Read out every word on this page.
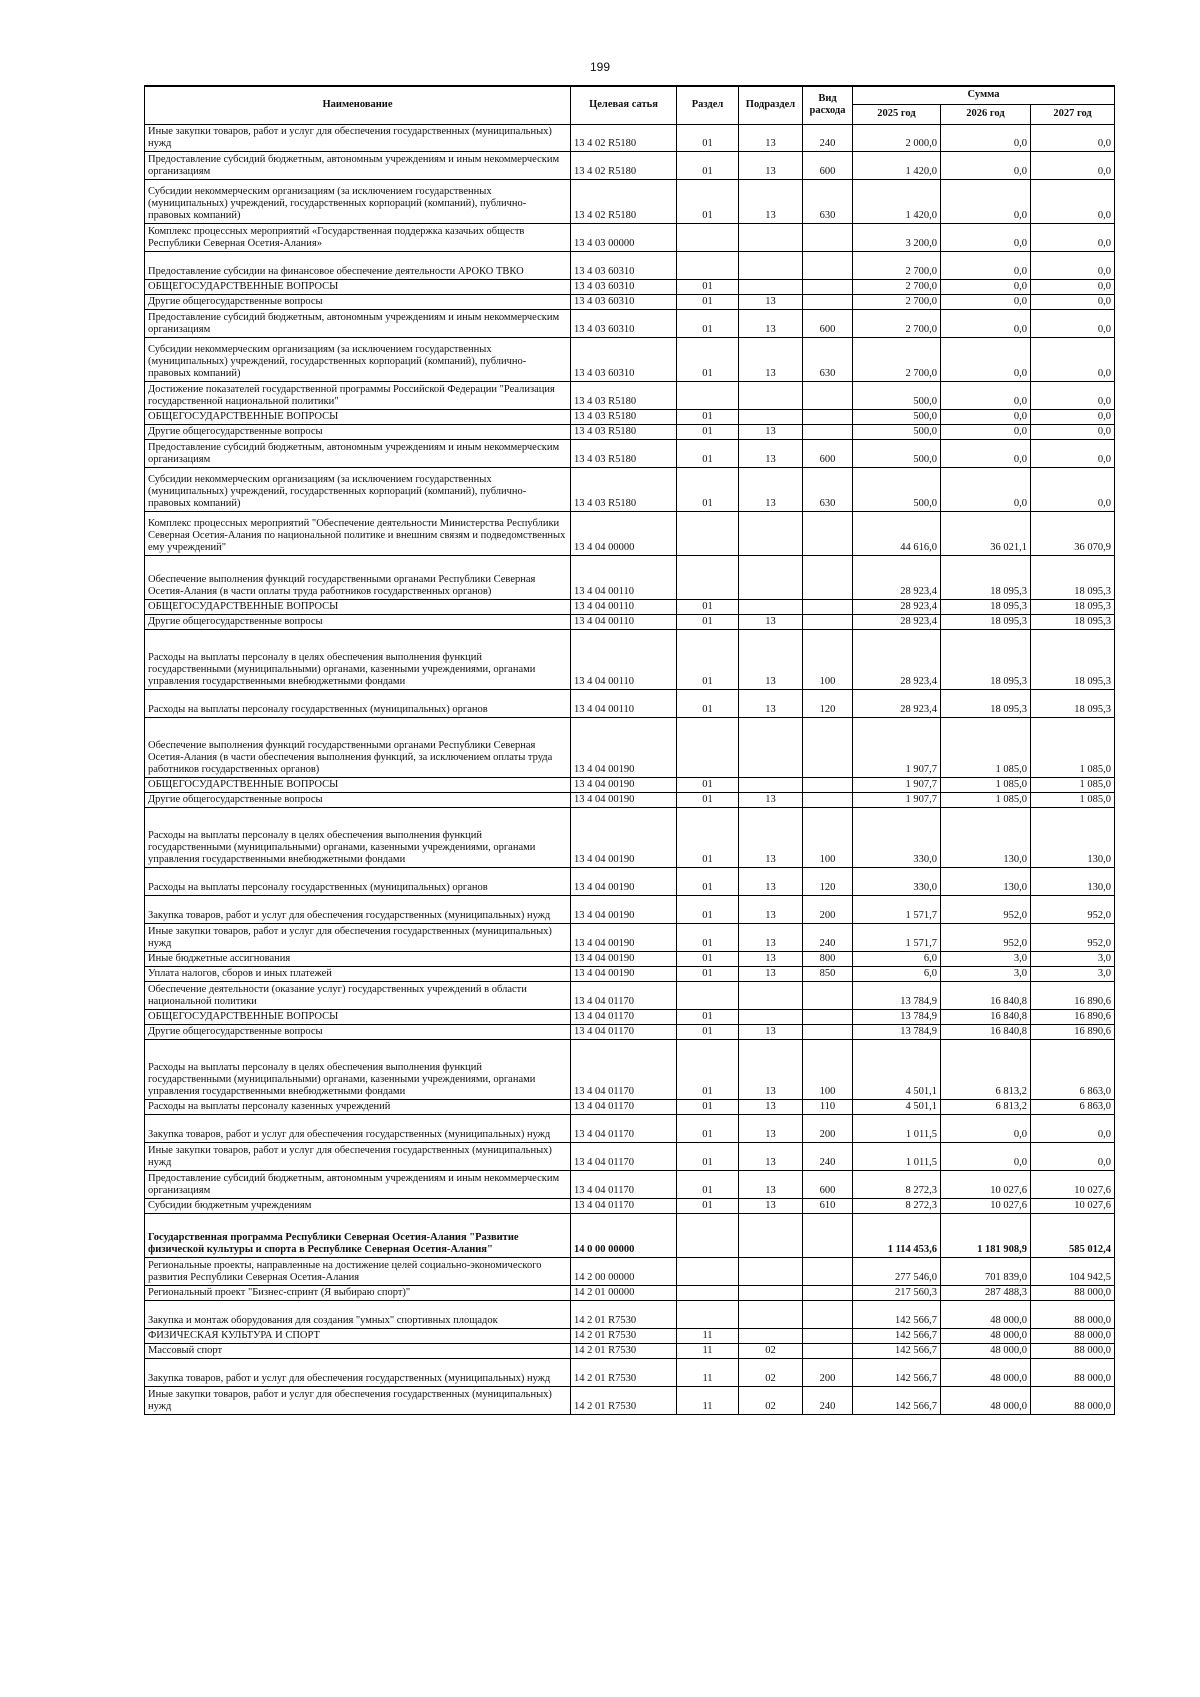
199
Наименование	Целевая сатья	Раздел	Подраздел	Вид расхода	Сумма		
					2025 год	2026 год	2027 год
Иные закупки товаров, работ и услуг для обеспечения государственных (муниципальных) нужд	13 4 02 R5180	01	13	240	2 000,0	0,0	0,0
Предоставление субсидий бюджетным, автономным учреждениям и иным некоммерческим организациям	13 4 02 R5180	01	13	600	1 420,0	0,0	0,0
Субсидии некоммерческим организациям (за исключением государственных (муниципальных) учреждений, государственных корпораций (компаний), публично-правовых компаний)	13 4 02 R5180	01	13	630	1 420,0	0,0	0,0
Комплекс процессных мероприятий «Государственная поддержка казачьих обществ Республики Северная Осетия-Алания»	13 4 03 00000				3 200,0	0,0	0,0
Предоставление субсидии на финансовое обеспечение деятельности АРОКО ТВКО	13 4 03 60310				2 700,0	0,0	0,0
ОБЩЕГОСУДАРСТВЕННЫЕ ВОПРОСЫ	13 4 03 60310	01			2 700,0	0,0	0,0
Другие общегосударственные вопросы	13 4 03 60310	01	13		2 700,0	0,0	0,0
Предоставление субсидий бюджетным, автономным учреждениям и иным некоммерческим организациям	13 4 03 60310	01	13	600	2 700,0	0,0	0,0
Субсидии некоммерческим организациям (за исключением государственных (муниципальных) учреждений, государственных корпораций (компаний), публично-правовых компаний)	13 4 03 60310	01	13	630	2 700,0	0,0	0,0
Достижение показателей государственной программы Российской Федерации "Реализация государственной национальной политики"	13 4 03 R5180				500,0	0,0	0,0
ОБЩЕГОСУДАРСТВЕННЫЕ ВОПРОСЫ	13 4 03 R5180	01			500,0	0,0	0,0
Другие общегосударственные вопросы	13 4 03 R5180	01	13		500,0	0,0	0,0
Предоставление субсидий бюджетным, автономным учреждениям и иным некоммерческим организациям	13 4 03 R5180	01	13	600	500,0	0,0	0,0
Субсидии некоммерческим организациям (за исключением государственных (муниципальных) учреждений, государственных корпораций (компаний), публично-правовых компаний)	13 4 03 R5180	01	13	630	500,0	0,0	0,0
Комплекс процессных мероприятий "Обеспечение деятельности Министерства Республики Северная Осетия-Алания по национальной политике и внешним связям и подведомственных ему учреждений"	13 4 04 00000				44 616,0	36 021,1	36 070,9
Обеспечение выполнения функций государственными органами Республики Северная Осетия-Алания (в части оплаты труда работников государственных органов)	13 4 04 00110				28 923,4	18 095,3	18 095,3
ОБЩЕГОСУДАРСТВЕННЫЕ ВОПРОСЫ	13 4 04 00110	01			28 923,4	18 095,3	18 095,3
Другие общегосударственные вопросы	13 4 04 00110	01	13		28 923,4	18 095,3	18 095,3
Расходы на выплаты персоналу в целях обеспечения выполнения функций государственными (муниципальными) органами, казенными учреждениями, органами управления государственными внебюджетными фондами	13 4 04 00110	01	13	100	28 923,4	18 095,3	18 095,3
Расходы на выплаты персоналу государственных (муниципальных) органов	13 4 04 00110	01	13	120	28 923,4	18 095,3	18 095,3
Обеспечение выполнения функций государственными органами Республики Северная Осетия-Алания (в части обеспечения выполнения функций, за исключением оплаты труда работников государственных органов)	13 4 04 00190				1 907,7	1 085,0	1 085,0
ОБЩЕГОСУДАРСТВЕННЫЕ ВОПРОСЫ	13 4 04 00190	01			1 907,7	1 085,0	1 085,0
Другие общегосударственные вопросы	13 4 04 00190	01	13		1 907,7	1 085,0	1 085,0
Расходы на выплаты персоналу в целях обеспечения выполнения функций государственными (муниципальными) органами, казенными учреждениями, органами управления государственными внебюджетными фондами	13 4 04 00190	01	13	100	330,0	130,0	130,0
Расходы на выплаты персоналу государственных (муниципальных) органов	13 4 04 00190	01	13	120	330,0	130,0	130,0
Закупка товаров, работ и услуг для обеспечения государственных (муниципальных) нужд	13 4 04 00190	01	13	200	1 571,7	952,0	952,0
Иные закупки товаров, работ и услуг для обеспечения государственных (муниципальных) нужд	13 4 04 00190	01	13	240	1 571,7	952,0	952,0
Иные бюджетные ассигнования	13 4 04 00190	01	13	800	6,0	3,0	3,0
Уплата налогов, сборов и иных платежей	13 4 04 00190	01	13	850	6,0	3,0	3,0
Обеспечение деятельности (оказание услуг) государственных учреждений в области национальной политики	13 4 04 01170				13 784,9	16 840,8	16 890,6
ОБЩЕГОСУДАРСТВЕННЫЕ ВОПРОСЫ	13 4 04 01170	01			13 784,9	16 840,8	16 890,6
Другие общегосударственные вопросы	13 4 04 01170	01	13		13 784,9	16 840,8	16 890,6
Расходы на выплаты персоналу в целях обеспечения выполнения функций государственными (муниципальными) органами, казенными учреждениями, органами управления государственными внебюджетными фондами	13 4 04 01170	01	13	100	4 501,1	6 813,2	6 863,0
Расходы на выплаты персоналу казенных учреждений	13 4 04 01170	01	13	110	4 501,1	6 813,2	6 863,0
Закупка товаров, работ и услуг для обеспечения государственных (муниципальных) нужд	13 4 04 01170	01	13	200	1 011,5	0,0	0,0
Иные закупки товаров, работ и услуг для обеспечения государственных (муниципальных) нужд	13 4 04 01170	01	13	240	1 011,5	0,0	0,0
Предоставление субсидий бюджетным, автономным учреждениям и иным некоммерческим организациям	13 4 04 01170	01	13	600	8 272,3	10 027,6	10 027,6
Субсидии бюджетным учреждениям	13 4 04 01170	01	13	610	8 272,3	10 027,6	10 027,6
Государственная программа Республики Северная Осетия-Алания "Развитие физической культуры и спорта в Республике Северная Осетия-Алания"	14 0 00 00000				1 114 453,6	1 181 908,9	585 012,4
Региональные проекты, направленные на достижение целей социально-экономического развития Республики Северная Осетия-Алания	14 2 00 00000				277 546,0	701 839,0	104 942,5
Региональный проект "Бизнес-спринт (Я выбираю спорт)"	14 2 01 00000				217 560,3	287 488,3	88 000,0
Закупка и монтаж оборудования для создания "умных" спортивных площадок	14 2 01 R7530				142 566,7	48 000,0	88 000,0
ФИЗИЧЕСКАЯ КУЛЬТУРА И СПОРТ	14 2 01 R7530	11			142 566,7	48 000,0	88 000,0
Массовый спорт	14 2 01 R7530	11	02		142 566,7	48 000,0	88 000,0
Закупка товаров, работ и услуг для обеспечения государственных (муниципальных) нужд	14 2 01 R7530	11	02	200	142 566,7	48 000,0	88 000,0
Иные закупки товаров, работ и услуг для обеспечения государственных (муниципальных) нужд	14 2 01 R7530	11	02	240	142 566,7	48 000,0	88 000,0
